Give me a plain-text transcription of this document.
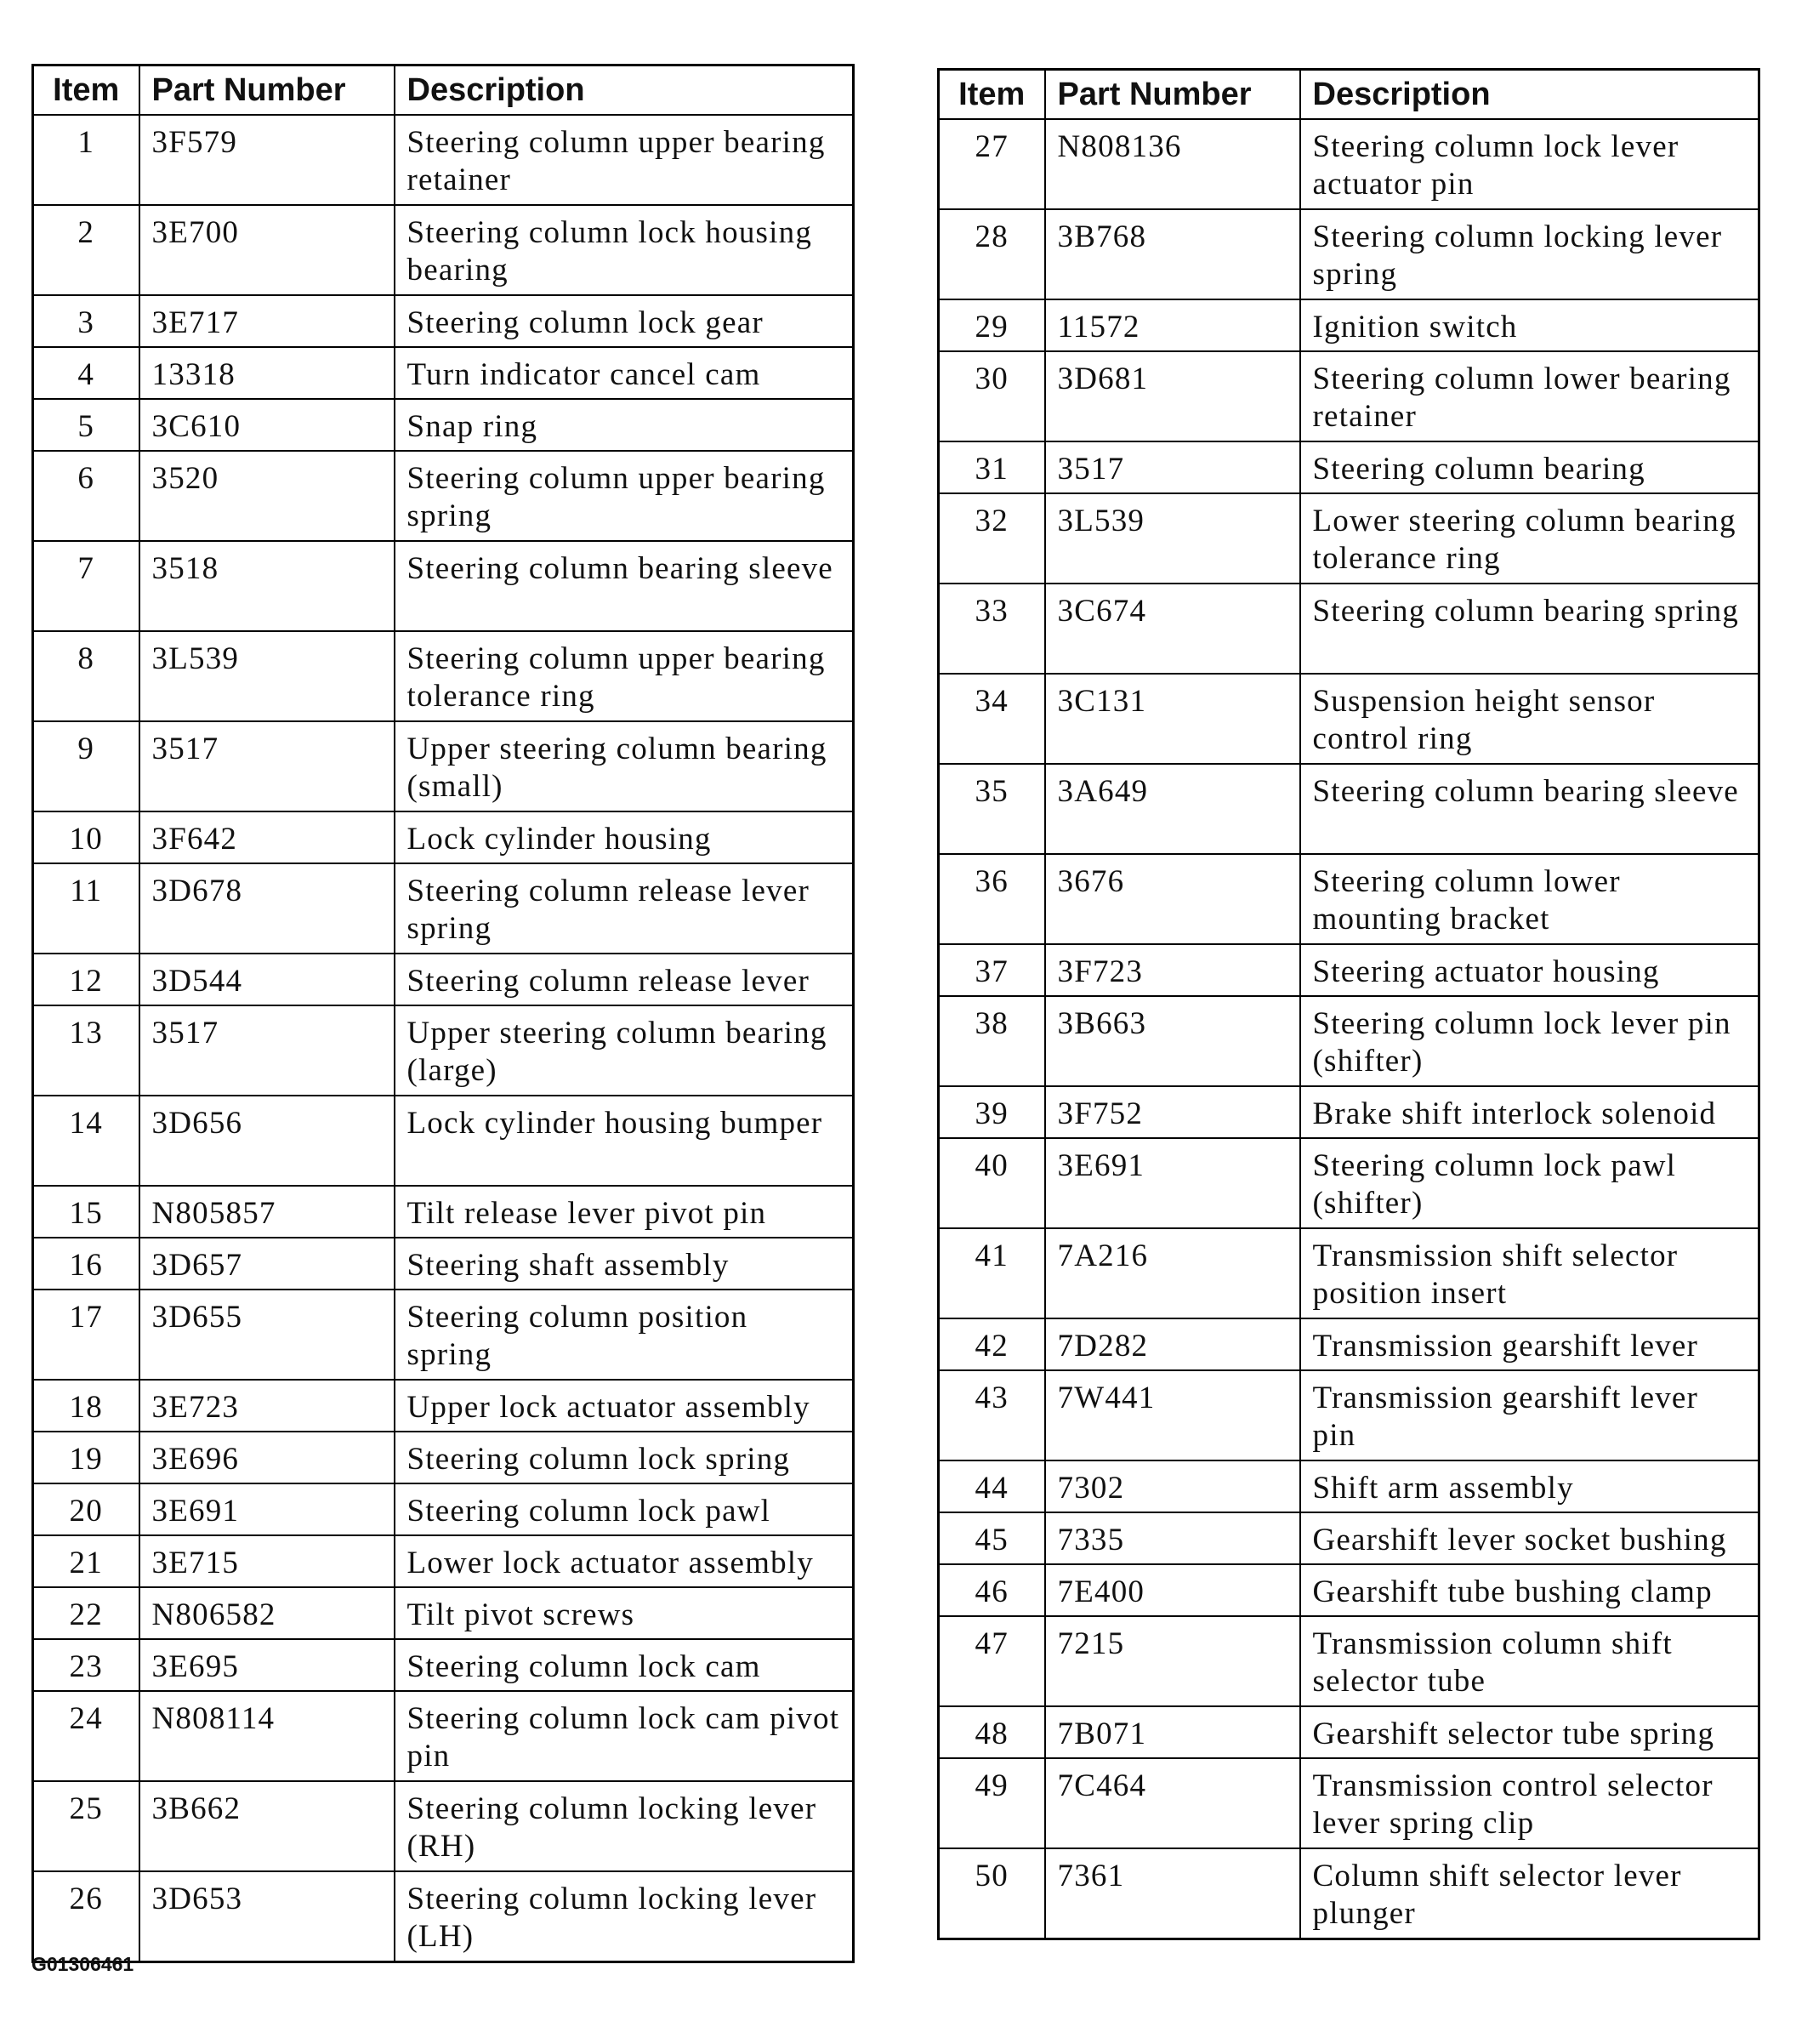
Item	Part Number	Description
1	3F579	Steering column upper bearing retainer
2	3E700	Steering column lock housing bearing
3	3E717	Steering column lock gear
4	13318	Turn indicator cancel cam
5	3C610	Snap ring
6	3520	Steering column upper bearing spring
7	3518	Steering column bearing sleeve
8	3L539	Steering column upper bearing tolerance ring
9	3517	Upper steering column bearing (small)
10	3F642	Lock cylinder housing
11	3D678	Steering column release lever spring
12	3D544	Steering column release lever
13	3517	Upper steering column bearing (large)
14	3D656	Lock cylinder housing bumper
15	N805857	Tilt release lever pivot pin
16	3D657	Steering shaft assembly
17	3D655	Steering column position spring
18	3E723	Upper lock actuator assembly
19	3E696	Steering column lock spring
20	3E691	Steering column lock pawl
21	3E715	Lower lock actuator assembly
22	N806582	Tilt pivot screws
23	3E695	Steering column lock cam
24	N808114	Steering column lock cam pivot pin
25	3B662	Steering column locking lever (RH)
26	3D653	Steering column locking lever (LH)
Item	Part Number	Description
27	N808136	Steering column lock lever actuator pin
28	3B768	Steering column locking lever spring
29	11572	Ignition switch
30	3D681	Steering column lower bearing retainer
31	3517	Steering column bearing
32	3L539	Lower steering column bearing tolerance ring
33	3C674	Steering column bearing spring
34	3C131	Suspension height sensor control ring
35	3A649	Steering column bearing sleeve
36	3676	Steering column lower mounting bracket
37	3F723	Steering actuator housing
38	3B663	Steering column lock lever pin (shifter)
39	3F752	Brake shift interlock solenoid
40	3E691	Steering column lock pawl (shifter)
41	7A216	Transmission shift selector position insert
42	7D282	Transmission gearshift lever
43	7W441	Transmission gearshift lever pin
44	7302	Shift arm assembly
45	7335	Gearshift lever socket bushing
46	7E400	Gearshift tube bushing clamp
47	7215	Transmission column shift selector tube
48	7B071	Gearshift selector tube spring
49	7C464	Transmission control selector lever spring clip
50	7361	Column shift selector lever plunger
G01306461
